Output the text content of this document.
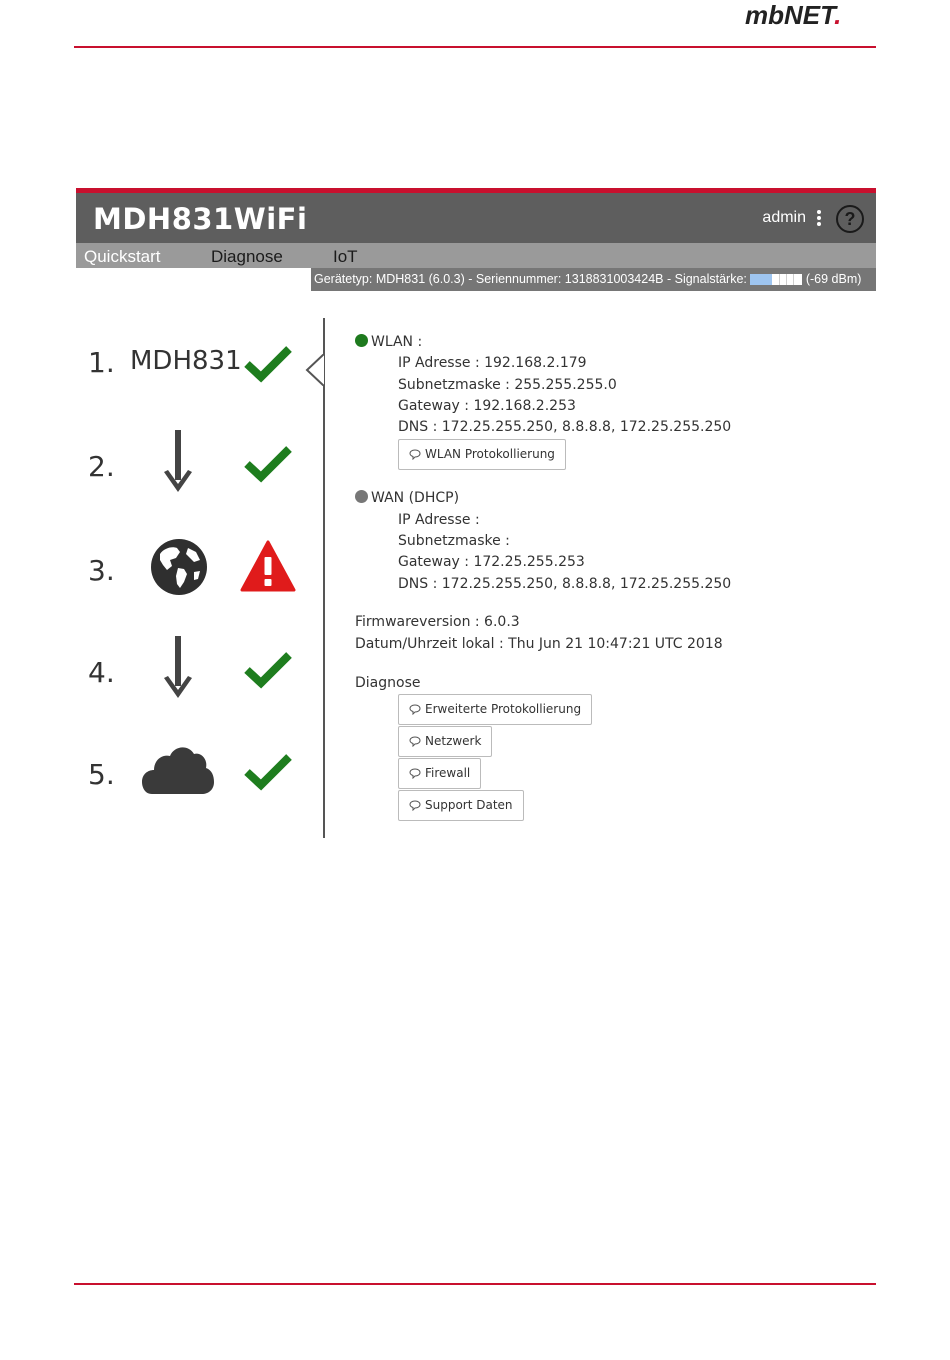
mbNET.
MDH831WiFi	admin	?
Quickstart	Diagnose	IoT
Gerätetyp: MDH831 (6.0.3) - Seriennummer: 1318831003424B - Signalstärke:	(-69 dBm)
1. MDH831
2.
3.
4.
5.
WLAN :
IP Adresse : 192.168.2.179
Subnetzmaske : 255.255.255.0
Gateway : 192.168.2.253
DNS : 172.25.255.250, 8.8.8.8, 172.25.255.250
WLAN Protokollierung
WAN (DHCP)
IP Adresse :
Subnetzmaske :
Gateway : 172.25.255.253
DNS : 172.25.255.250, 8.8.8.8, 172.25.255.250
Firmwareversion : 6.0.3
Datum/Uhrzeit lokal : Thu Jun 21 10:47:21 UTC 2018
Diagnose
Erweiterte Protokollierung
Netzwerk
Firewall
Support Daten
